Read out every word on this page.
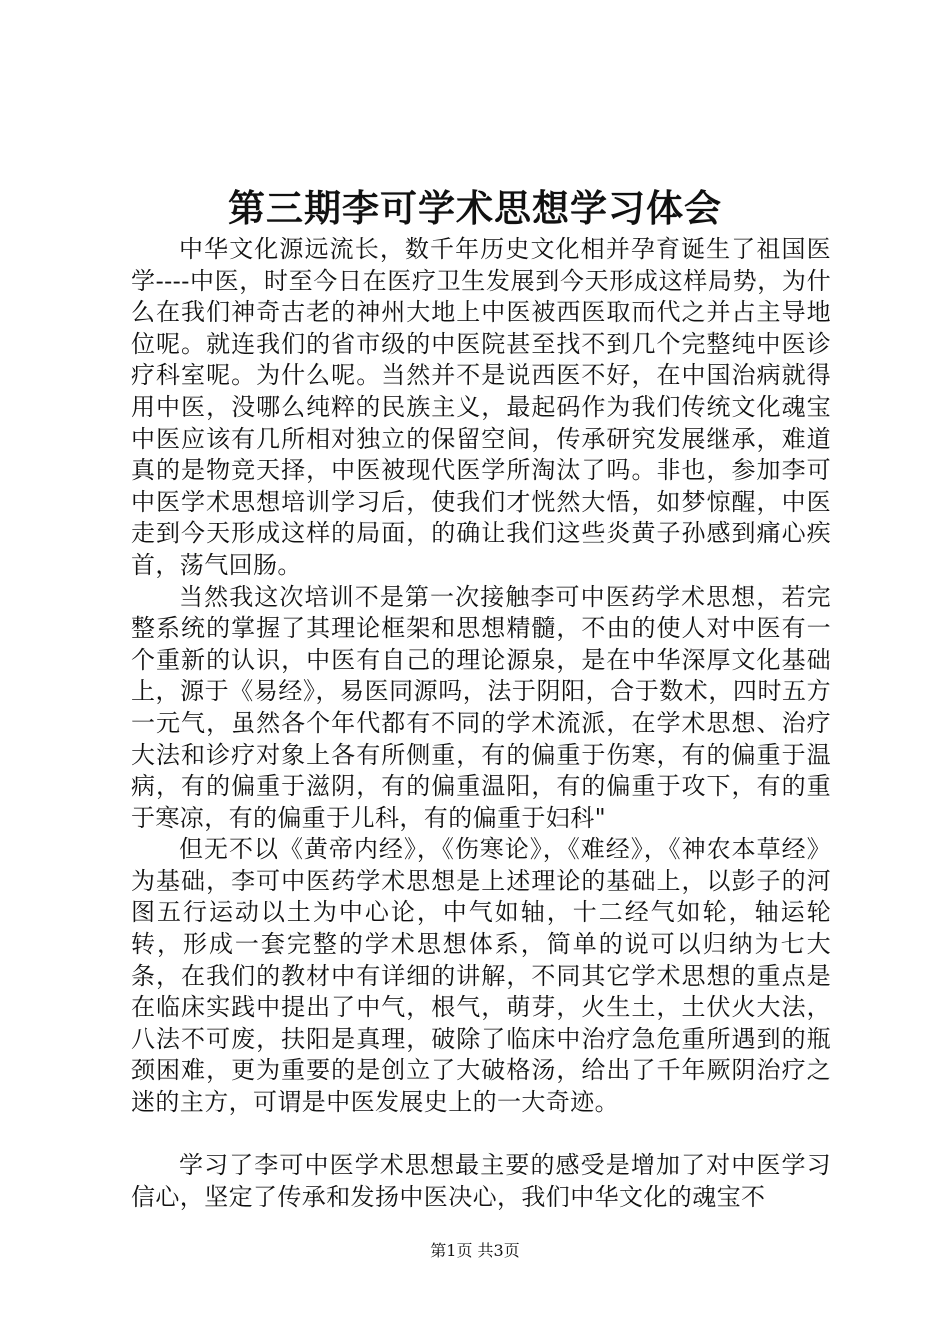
第三期李可学术思想学习体会

中华文化源远流长，数千年历史文化相并孕育诞生了祖国医学----中医，时至今日在医疗卫生发展到今天形成这样局势，为什么在我们神奇古老的神州大地上中医被西医取而代之并占主导地位呢。就连我们的省市级的中医院甚至找不到几个完整纯中医诊疗科室呢。为什么呢。当然并不是说西医不好，在中国治病就得用中医，没哪么纯粹的民族主义，最起码作为我们传统文化魂宝中医应该有几所相对独立的保留空间，传承研究发展继承，难道真的是物竞天择，中医被现代医学所淘汰了吗。非也，参加李可中医学术思想培训学习后，使我们才恍然大悟，如梦惊醒，中医走到今天形成这样的局面，的确让我们这些炎黄子孙感到痛心疾首，荡气回肠。

当然我这次培训不是第一次接触李可中医药学术思想，若完整系统的掌握了其理论框架和思想精髓，不由的使人对中医有一个重新的认识，中医有自己的理论源泉，是在中华深厚文化基础上，源于《易经》，易医同源吗，法于阴阳，合于数术，四时五方一元气，虽然各个年代都有不同的学术流派，在学术思想、治疗大法和诊疗对象上各有所侧重，有的偏重于伤寒，有的偏重于温病，有的偏重于滋阴，有的偏重温阳，有的偏重于攻下，有的重于寒凉，有的偏重于儿科，有的偏重于妇科"

但无不以《黄帝内经》，《伤寒论》，《难经》，《神农本草经》为基础，李可中医药学术思想是上述理论的基础上，以彭子的河图五行运动以土为中心论，中气如轴，十二经气如轮，轴运轮转，形成一套完整的学术思想体系，简单的说可以归纳为七大条，在我们的教材中有详细的讲解，不同其它学术思想的重点是在临床实践中提出了中气，根气，萌芽，火生土，土伏火大法，八法不可废，扶阳是真理，破除了临床中治疗急危重所遇到的瓶颈困难，更为重要的是创立了大破格汤，给出了千年厥阴治疗之迷的主方，可谓是中医发展史上的一大奇迹。

学习了李可中医学术思想最主要的感受是增加了对中医学习信心，坚定了传承和发扬中医决心，我们中华文化的魂宝不

第1页 共3页
